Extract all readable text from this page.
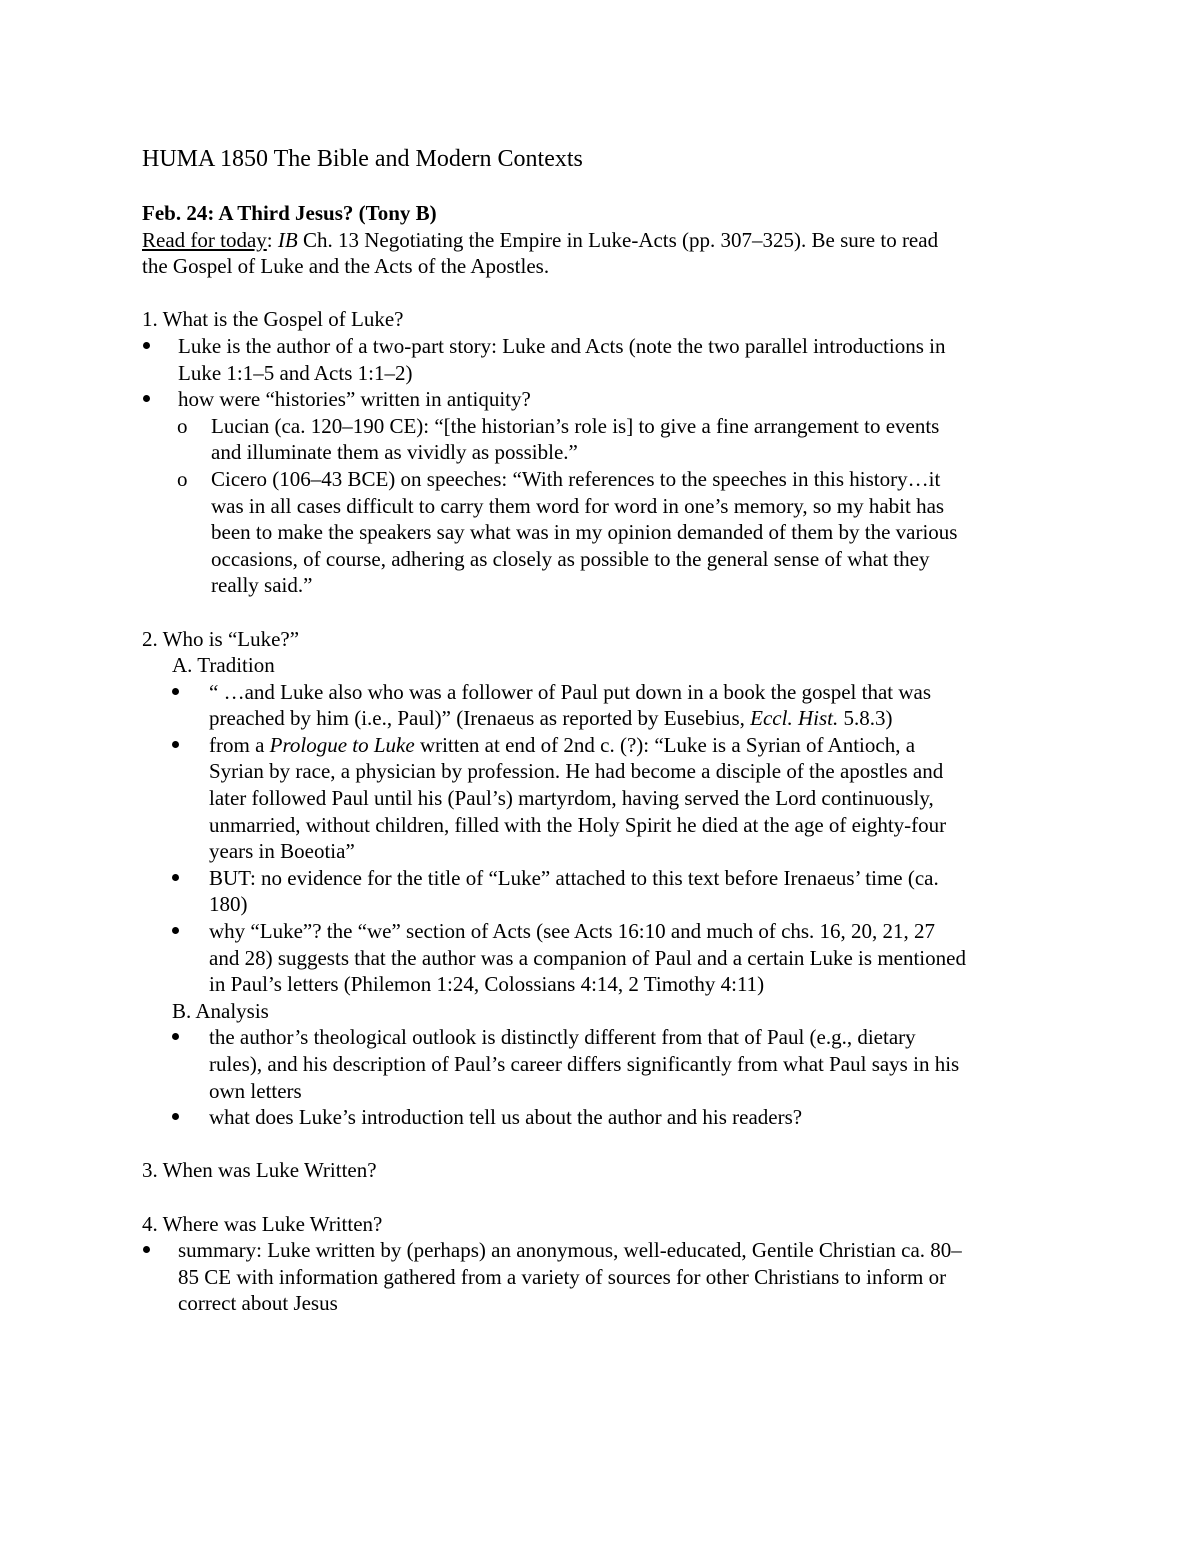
HUMA 1850 The Bible and Modern Contexts

Feb. 24: A Third Jesus? (Tony B)

Read for today: IB Ch. 13 Negotiating the Empire in Luke-Acts (pp. 307–325). Be sure to read

the Gospel of Luke and the Acts of the Apostles.

1. What is the Gospel of Luke?

Luke is the author of a two-part story: Luke and Acts (note the two parallel introductions in

Luke 1:1–5 and Acts 1:1–2)

how were “histories” written in antiquity?

o Lucian (ca. 120–190 CE): “[the historian’s role is] to give a fine arrangement to events

and illuminate them as vividly as possible.”

o Cicero (106–43 BCE) on speeches: “With references to the speeches in this history…it

was in all cases difficult to carry them word for word in one’s memory, so my habit has

been to make the speakers say what was in my opinion demanded of them by the various

occasions, of course, adhering as closely as possible to the general sense of what they

really said.”

2. Who is “Luke?”

A. Tradition

“ …and Luke also who was a follower of Paul put down in a book the gospel that was

preached by him (i.e., Paul)” (Irenaeus as reported by Eusebius, Eccl. Hist. 5.8.3)

from a Prologue to Luke written at end of 2nd c. (?): “Luke is a Syrian of Antioch, a

Syrian by race, a physician by profession. He had become a disciple of the apostles and

later followed Paul until his (Paul’s) martyrdom, having served the Lord continuously,

unmarried, without children, filled with the Holy Spirit he died at the age of eighty-four

years in Boeotia”

BUT: no evidence for the title of “Luke” attached to this text before Irenaeus’ time (ca.

180)

why “Luke”? the “we” section of Acts (see Acts 16:10 and much of chs. 16, 20, 21, 27

and 28) suggests that the author was a companion of Paul and a certain Luke is mentioned

in Paul’s letters (Philemon 1:24, Colossians 4:14, 2 Timothy 4:11)

B. Analysis

the author’s theological outlook is distinctly different from that of Paul (e.g., dietary

rules), and his description of Paul’s career differs significantly from what Paul says in his

own letters

what does Luke’s introduction tell us about the author and his readers?

3. When was Luke Written?

4. Where was Luke Written?

summary: Luke written by (perhaps) an anonymous, well-educated, Gentile Christian ca. 80–

85 CE with information gathered from a variety of sources for other Christians to inform or

correct about Jesus
